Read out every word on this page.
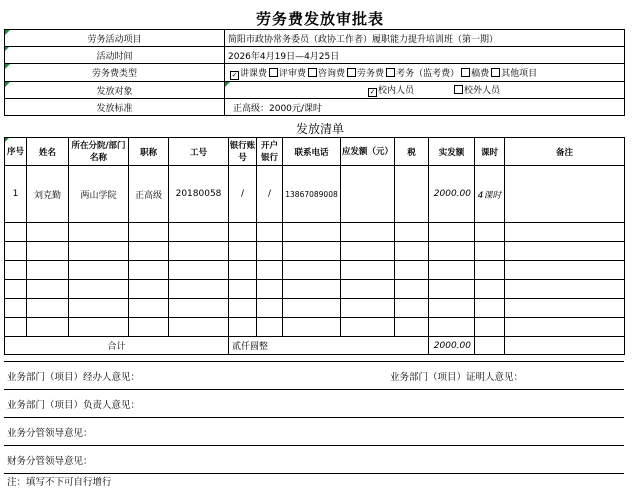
劳务费发放审批表
劳务活动项目	简阳市政协常务委员（政协工作者）履职能力提升培训班（第一期）
活动时间	2026年4月19日—4月25日
劳务费类型	✓ 讲课费 评审费 咨询费 劳务费 考务（监考费） 稿费 其他项目
发放对象	✓ 校内人员 校外人员
发放标准	正高级：2000元/课时
发放清单
序号	姓名	所在分院/部门名称	职称	工号	银行账号	开户银行	联系电话	应发额（元）	税	实发额	课时	备注
1	刘克勤	两山学院	正高级	20180058	/	/	13867089008			2000.00	4课时	

合计					贰仟圆整					2000.00		
业务部门（项目）经办人意见：	业务部门（项目）证明人意见：
业务部门（项目）负责人意见：
业务分管领导意见：
财务分管领导意见：
注：填写不下可自行增行
